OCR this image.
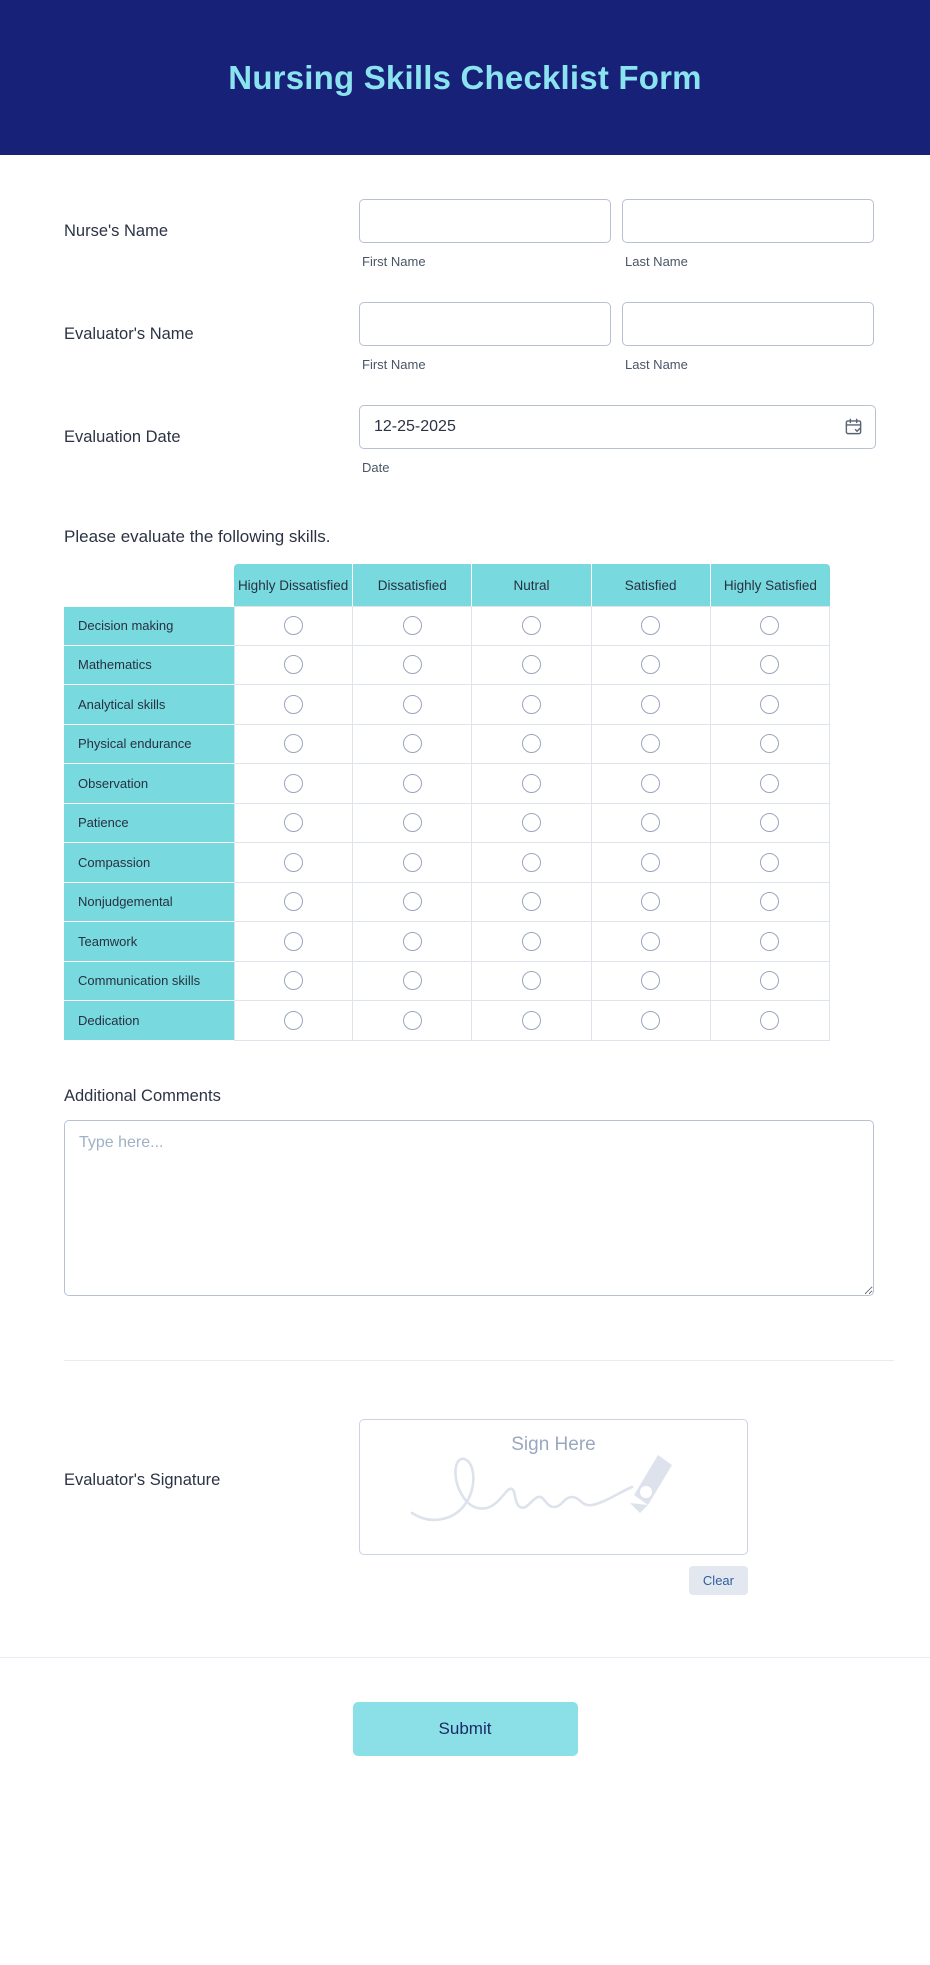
Nursing Skills Checklist Form
Nurse's Name
First Name	Last Name
Evaluator's Name
First Name	Last Name
Evaluation Date
12-25-2025
Date
Please evaluate the following skills.
	Highly Dissatisfied	Dissatisfied	Nutral	Satisfied	Highly Satisfied
Decision making					
Mathematics					
Analytical skills					
Physical endurance					
Observation					
Patience					
Compassion					
Nonjudgemental					
Teamwork					
Communication skills					
Dedication					
Additional Comments
Type here...
Evaluator's Signature
Sign Here
Clear
Submit
